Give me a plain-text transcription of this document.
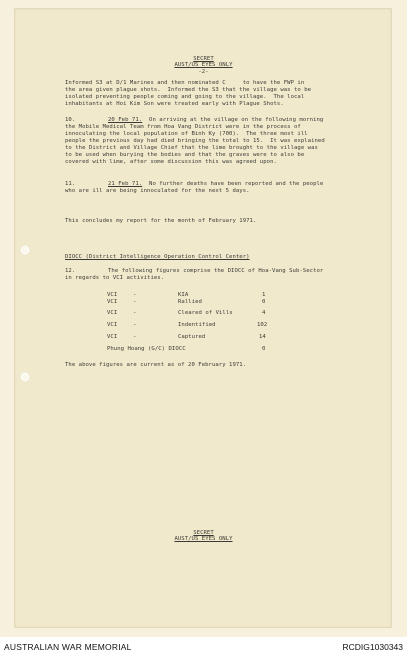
SECRET
AUST/US EYES ONLY
-2-
Informed S3 at D/1 Marines and then nominated C     to have the FWP in
the area given plague shots.  Informed the S3 that the village was to be
isolated preventing people coming and going to the village.  The local
inhabitants at Hoi Kim Son were treated early with Plague Shots.
10.	20 Feb 71.  On arriving at the village on the following morning
the Mobile Medical Team from Hoa Vang District were in the process of
innoculating the local population of Binh Ky (700).  The three most ill
people the previous day had died bringing the total to 15.  It was explained
to the District and Village Chief that the lime brought to the village was
to be used when burying the bodies and that the graves were to also be
covered with lime, after some discussion this was agreed upon.
11.	21 Feb 71.  No further deaths have been reported and the people
who are ill are being innoculated for the next 5 days.
This concludes my report for the month of February 1971.
DIOCC (District Intelligence Operation Control Center)
12.	The following figures comprise the DIOCC of Hoa-Vang Sub-Sector
in regards to VCI activities.
VCI	-	KIA	1
VCI	-	Rallied	0
VCI	-	Cleared of Vills	4
VCI	-	Indentified	102
VCI	-	Captured	14
Phung Hoang (G/C) DIOCC	0
The above figures are current as of 20 February 1971.
SECRET
AUST/US EYES ONLY
AUSTRALIAN WAR MEMORIAL	RCDIG1030343
